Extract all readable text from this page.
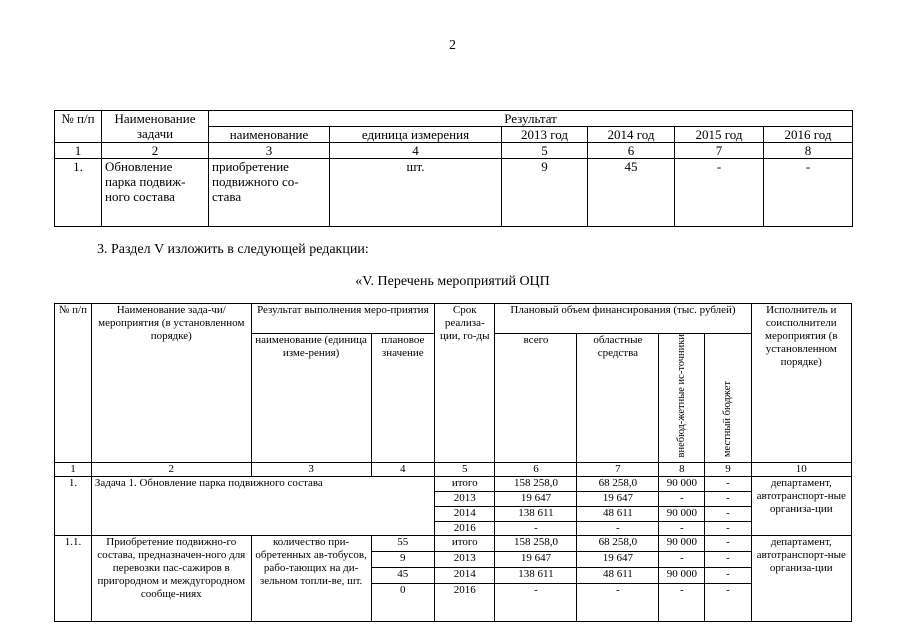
2
№ п/п	Наименование задачи	Результат					
		наименование	единица измерения	2013 год	2014 год	2015 год	2016 год
1	2	3	4	5	6	7	8
1.	Обновление парка подвиж-ного состава	приобретение подвижного со-става	шт.	9	45	-	-
3. Раздел V изложить в следующей редакции:
«V. Перечень мероприятий ОЦП
№ п/п	Наименование зада-чи/мероприятия (в установленном порядке)	Результат выполнения меро-приятия		Срок реализа-ции, го-ды	Плановый объем финансирования (тыс. рублей)				Исполнитель и соисполнители мероприятия (в установленном порядке)
		наименование (единица изме-рения)	плановое значение		всего	областные средства	внебюд-жетные ис-точники	местный бюджет	
1	2	3	4	5	6	7	8	9	10
1.	Задача 1. Обновление парка подвижного состава			итого	158 258,0	68 258,0	90 000	-	департамент, автотранспорт-ные организа-ции
				2013	19 647	19 647	-	-	
				2014	138 611	48 611	90 000	-	
				2016	-	-	-	-	
1.1.	Приобретение подвижно-го состава, предназначен-ного для перевозки пас-сажиров в пригородном и междугородном сообще-ниях	количество при-обретенных ав-тобусов, рабо-тающих на ди-зельном топли-ве, шт.	55	итого	158 258,0	68 258,0	90 000	-	департамент, автотранспорт-ные организа-ции
			9	2013	19 647	19 647	-	-	
			45	2014	138 611	48 611	90 000	-	
			0	2016	-	-	-	-	
